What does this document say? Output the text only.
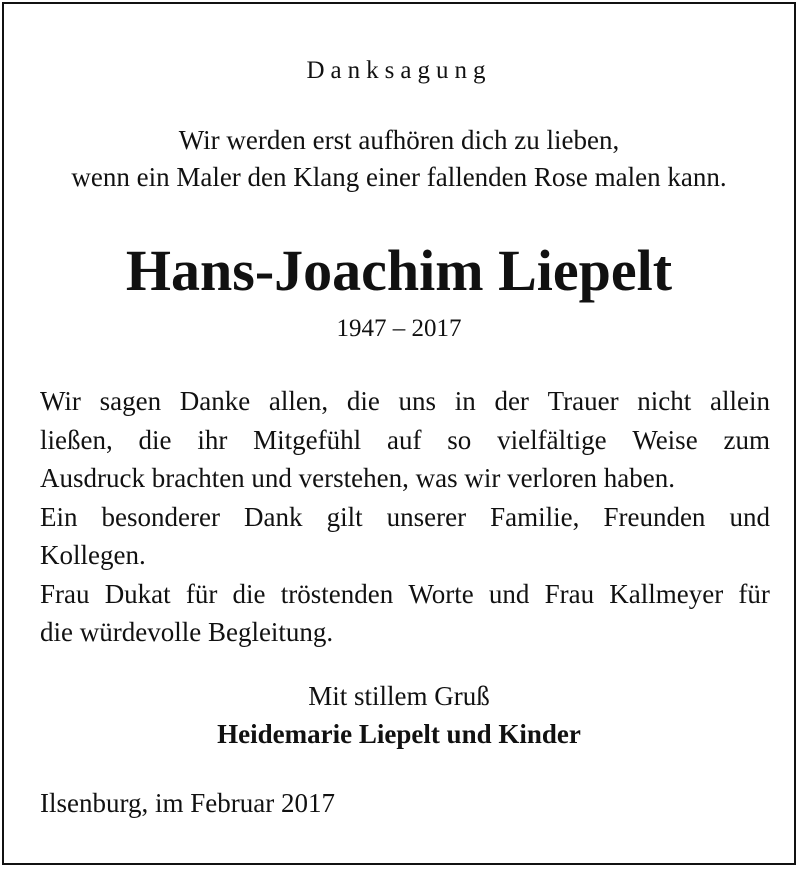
Danksagung
Wir werden erst aufhören dich zu lieben,
wenn ein Maler den Klang einer fallenden Rose malen kann.
Hans-Joachim Liepelt
1947 – 2017
Wir sagen Danke allen, die uns in der Trauer nicht allein
ließen, die ihr Mitgefühl auf so vielfältige Weise zum
Ausdruck brachten und verstehen, was wir verloren haben.
Ein besonderer Dank gilt unserer Familie, Freunden und
Kollegen.
Frau Dukat für die tröstenden Worte und Frau Kallmeyer für
die würdevolle Begleitung.
Mit stillem Gruß
Heidemarie Liepelt und Kinder
Ilsenburg, im Februar 2017
